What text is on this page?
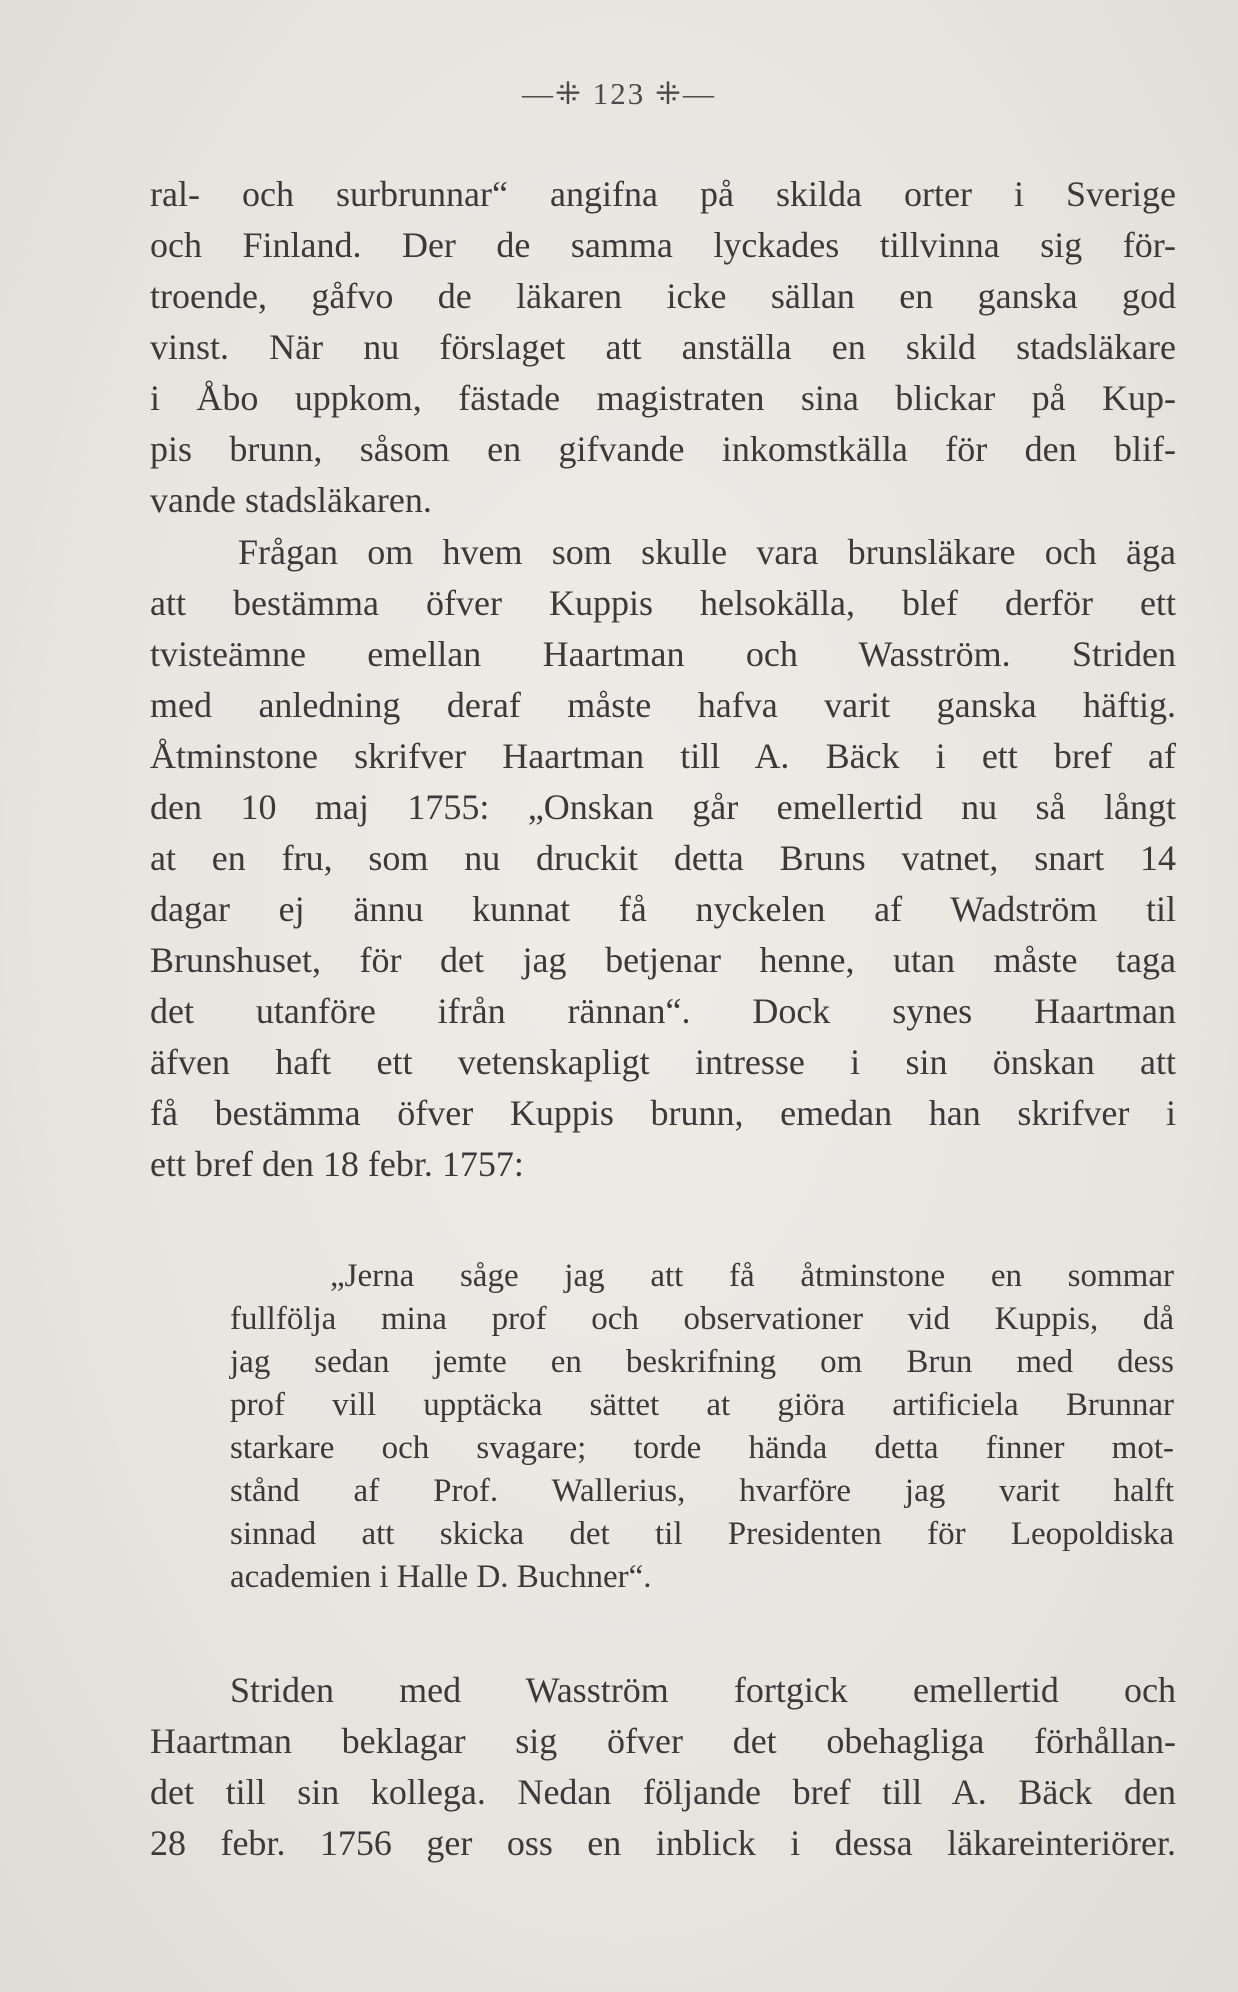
—⁜ 123 ⁜—
ral- och surbrunnar“ angifna på skilda orter i Sverige
och Finland. Der de samma lyckades tillvinna sig för-
troende, gåfvo de läkaren icke sällan en ganska god
vinst. När nu förslaget att anställa en skild stadsläkare
i Åbo uppkom, fästade magistraten sina blickar på Kup-
pis brunn, såsom en gifvande inkomstkälla för den blif-
vande stadsläkaren.
Frågan om hvem som skulle vara brunsläkare och äga
att bestämma öfver Kuppis helsokälla, blef derför ett
tvisteämne emellan Haartman och Wasström. Striden
med anledning deraf måste hafva varit ganska häftig.
Åtminstone skrifver Haartman till A. Bäck i ett bref af
den 10 maj 1755: „Onskan går emellertid nu så långt
at en fru, som nu druckit detta Bruns vatnet, snart 14
dagar ej ännu kunnat få nyckelen af Wadström til
Brunshuset, för det jag betjenar henne, utan måste taga
det utanföre ifrån rännan“. Dock synes Haartman
äfven haft ett vetenskapligt intresse i sin önskan att
få bestämma öfver Kuppis brunn, emedan han skrifver i
ett bref den 18 febr. 1757:
„Jerna såge jag att få åtminstone en sommar
fullfölja mina prof och observationer vid Kuppis, då
jag sedan jemte en beskrifning om Brun med dess
prof vill upptäcka sättet at giöra artificiela Brunnar
starkare och svagare; torde hända detta finner mot-
stånd af Prof. Wallerius, hvarföre jag varit halft
sinnad att skicka det til Presidenten för Leopoldiska
academien i Halle D. Buchner“.
Striden med Wasström fortgick emellertid och
Haartman beklagar sig öfver det obehagliga förhållan-
det till sin kollega. Nedan följande bref till A. Bäck den
28 febr. 1756 ger oss en inblick i dessa läkareinteriörer.
